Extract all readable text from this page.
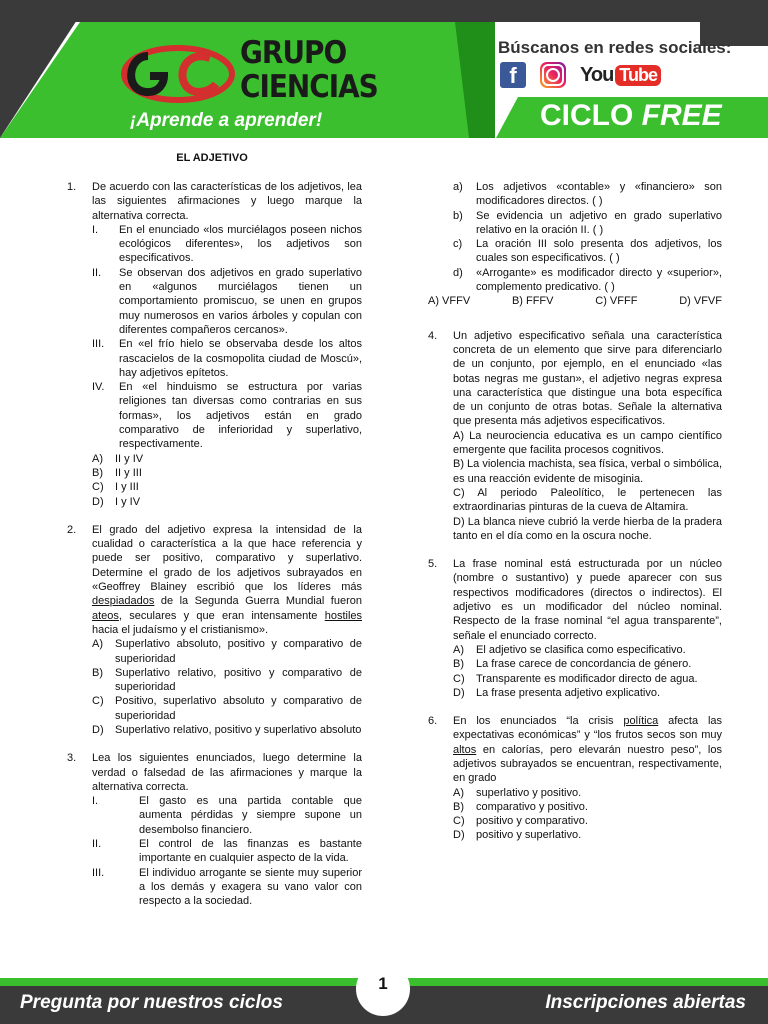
GRUPO
CIENCIAS
¡Aprende a aprender!
Búscanos en redes sociales:
f	You Tube
CICLO FREE
EL ADJETIVO
1. De acuerdo con las características de los adjetivos, lea las siguientes afirmaciones y luego marque la alternativa correcta.
I. En el enunciado «los murciélagos poseen nichos ecológicos diferentes», los adjetivos son especificativos.
II. Se observan dos adjetivos en grado superlativo en «algunos murciélagos tienen un comportamiento promiscuo, se unen en grupos muy numerosos en varios árboles y copulan con diferentes compañeros cercanos».
III. En «el frío hielo se observaba desde los altos rascacielos de la cosmopolita ciudad de Moscú», hay adjetivos epítetos.
IV. En «el hinduismo se estructura por varias religiones tan diversas como contrarias en sus formas», los adjetivos están en grado comparativo de inferioridad y superlativo, respectivamente.
A) II y IV
B) II y III
C) I y III
D) I y IV
2. El grado del adjetivo expresa la intensidad de la cualidad o característica a la que hace referencia y puede ser positivo, comparativo y superlativo. Determine el grado de los adjetivos subrayados en «Geoffrey Blainey escribió que los líderes más despiadados de la Segunda Guerra Mundial fueron ateos, seculares y que eran intensamente hostiles hacia el judaísmo y el cristianismo».
A) Superlativo absoluto, positivo y comparativo de superioridad
B) Superlativo relativo, positivo y comparativo de superioridad
C) Positivo, superlativo absoluto y comparativo de superioridad
D) Superlativo relativo, positivo y superlativo absoluto
3. Lea los siguientes enunciados, luego determine la verdad o falsedad de las afirmaciones y marque la alternativa correcta.
I.	El gasto es una partida contable que aumenta pérdidas y siempre supone un desembolso financiero.
II.	El control de las finanzas es bastante importante en cualquier aspecto de la vida.
III.	El individuo arrogante se siente muy superior a los demás y exagera su vano valor con respecto a la sociedad.
a) Los adjetivos «contable» y «financiero» son modificadores directos. ( )
b) Se evidencia un adjetivo en grado superlativo relativo en la oración II. ( )
c) La oración III solo presenta dos adjetivos, los cuales son especificativos. ( )
d) «Arrogante» es modificador directo y «superior», complemento predicativo. ( )
A) VFFV	B) FFFV	C) VFFF	D) VFVF
4. Un adjetivo especificativo señala una característica concreta de un elemento que sirve para diferenciarlo de un conjunto, por ejemplo, en el enunciado «las botas negras me gustan», el adjetivo negras expresa una característica que distingue una bota específica de un conjunto de otras botas. Señale la alternativa que presenta más adjetivos especificativos.
A) La neurociencia educativa es un campo científico emergente que facilita procesos cognitivos.
B) La violencia machista, sea física, verbal o simbólica, es una reacción evidente de misoginia.
C) Al periodo Paleolítico, le pertenecen las extraordinarias pinturas de la cueva de Altamira.
D) La blanca nieve cubrió la verde hierba de la pradera tanto en el día como en la oscura noche.
5. La frase nominal está estructurada por un núcleo (nombre o sustantivo) y puede aparecer con sus respectivos modificadores (directos o indirectos). El adjetivo es un modificador del núcleo nominal. Respecto de la frase nominal “el agua transparente”, señale el enunciado correcto.
A) El adjetivo se clasifica como especificativo.
B) La frase carece de concordancia de género.
C) Transparente es modificador directo de agua.
D) La frase presenta adjetivo explicativo.
6. En los enunciados “la crisis política afecta las expectativas económicas” y “los frutos secos son muy altos en calorías, pero elevarán nuestro peso”, los adjetivos subrayados se encuentran, respectivamente, en grado
A) superlativo y positivo.
B) comparativo y positivo.
C) positivo y comparativo.
D) positivo y superlativo.
Pregunta por nuestros ciclos	Inscripciones abiertas
1
